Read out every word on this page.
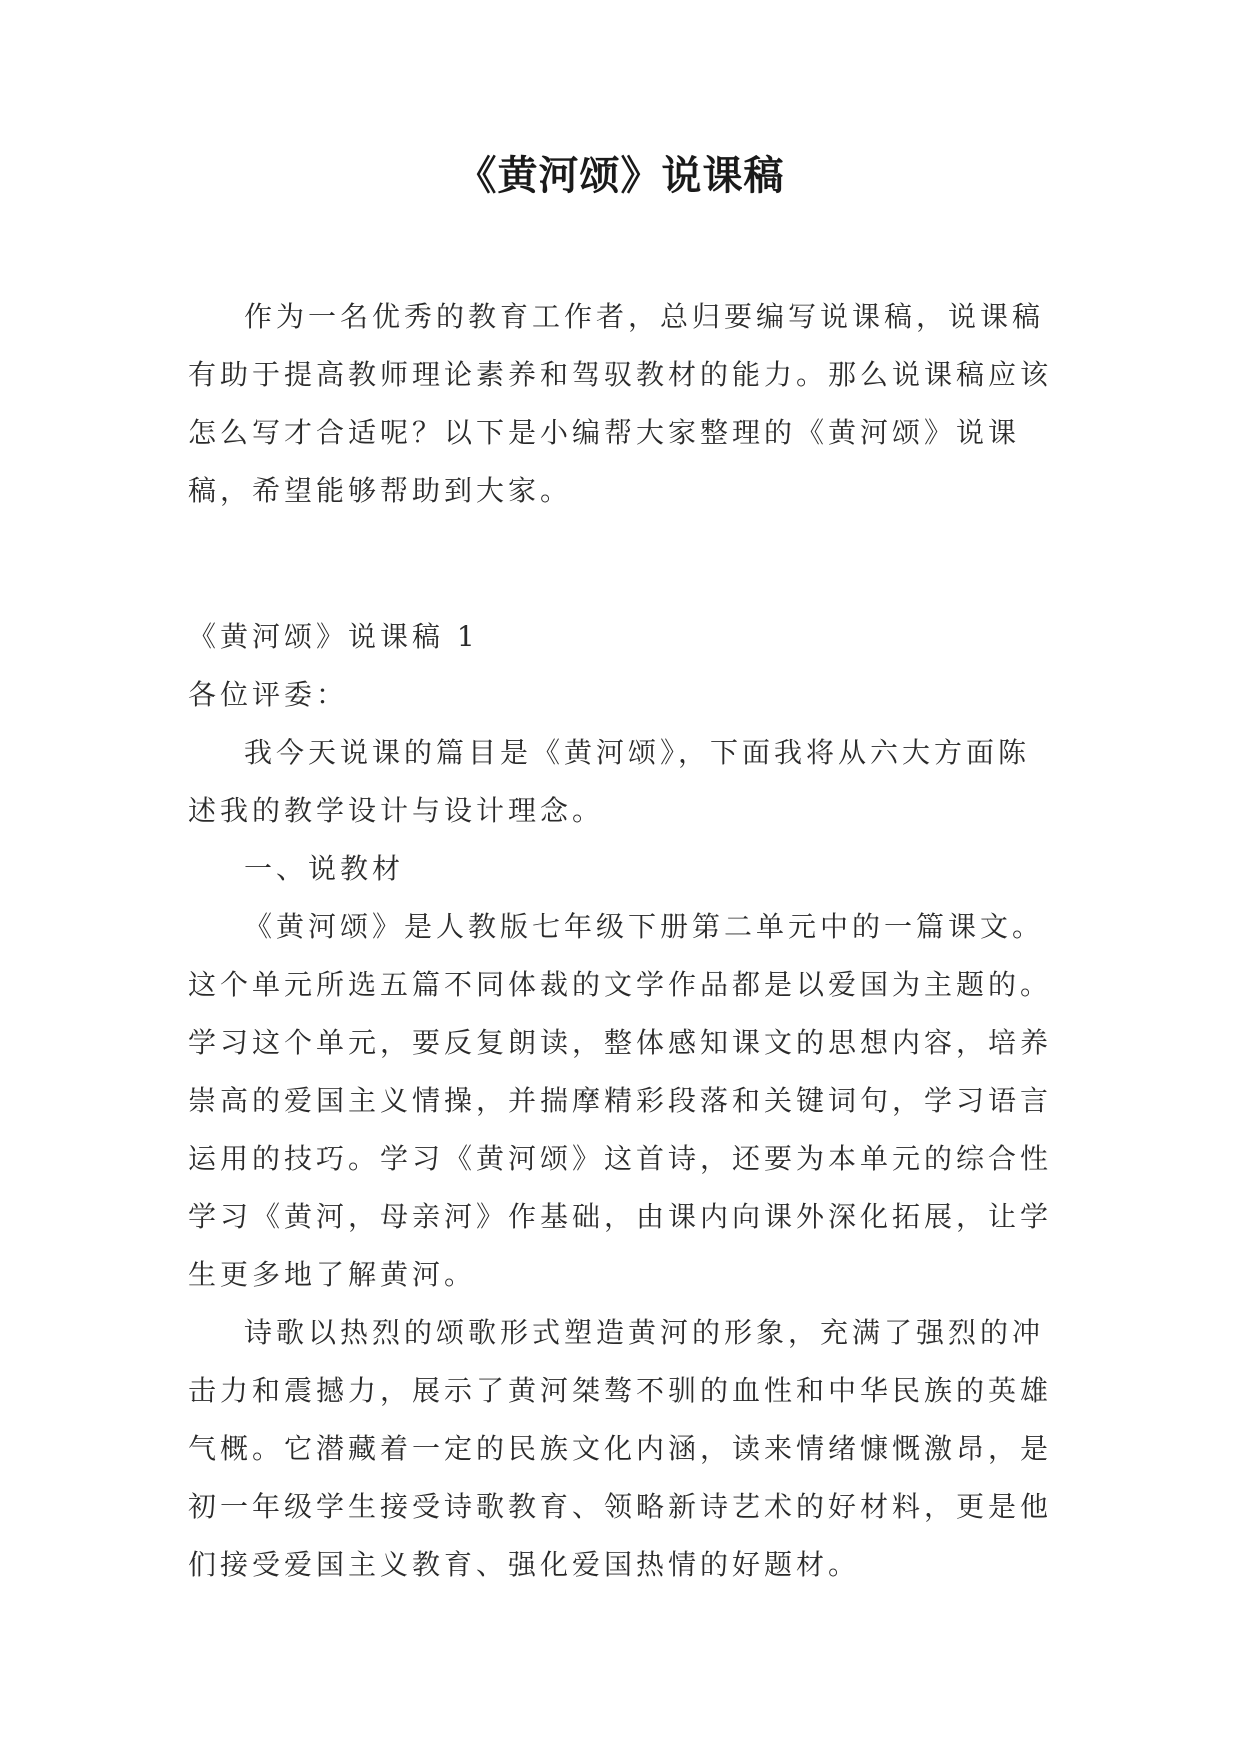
《黄河颂》说课稿

作为一名优秀的教育工作者，总归要编写说课稿，说课稿有助于提高教师理论素养和驾驭教材的能力。那么说课稿应该怎么写才合适呢？以下是小编帮大家整理的《黄河颂》说课稿，希望能够帮助到大家。

《黄河颂》说课稿 1

各位评委：

我今天说课的篇目是《黄河颂》，下面我将从六大方面陈述我的教学设计与设计理念。

一、说教材

《黄河颂》是人教版七年级下册第二单元中的一篇课文。这个单元所选五篇不同体裁的文学作品都是以爱国为主题的。学习这个单元，要反复朗读，整体感知课文的思想内容，培养崇高的爱国主义情操，并揣摩精彩段落和关键词句，学习语言运用的技巧。学习《黄河颂》这首诗，还要为本单元的综合性学习《黄河，母亲河》作基础，由课内向课外深化拓展，让学生更多地了解黄河。

诗歌以热烈的颂歌形式塑造黄河的形象，充满了强烈的冲击力和震撼力，展示了黄河桀骜不驯的血性和中华民族的英雄气概。它潜藏着一定的民族文化内涵，读来情绪慷慨激昂，是初一年级学生接受诗歌教育、领略新诗艺术的好材料，更是他们接受爱国主义教育、强化爱国热情的好题材。
